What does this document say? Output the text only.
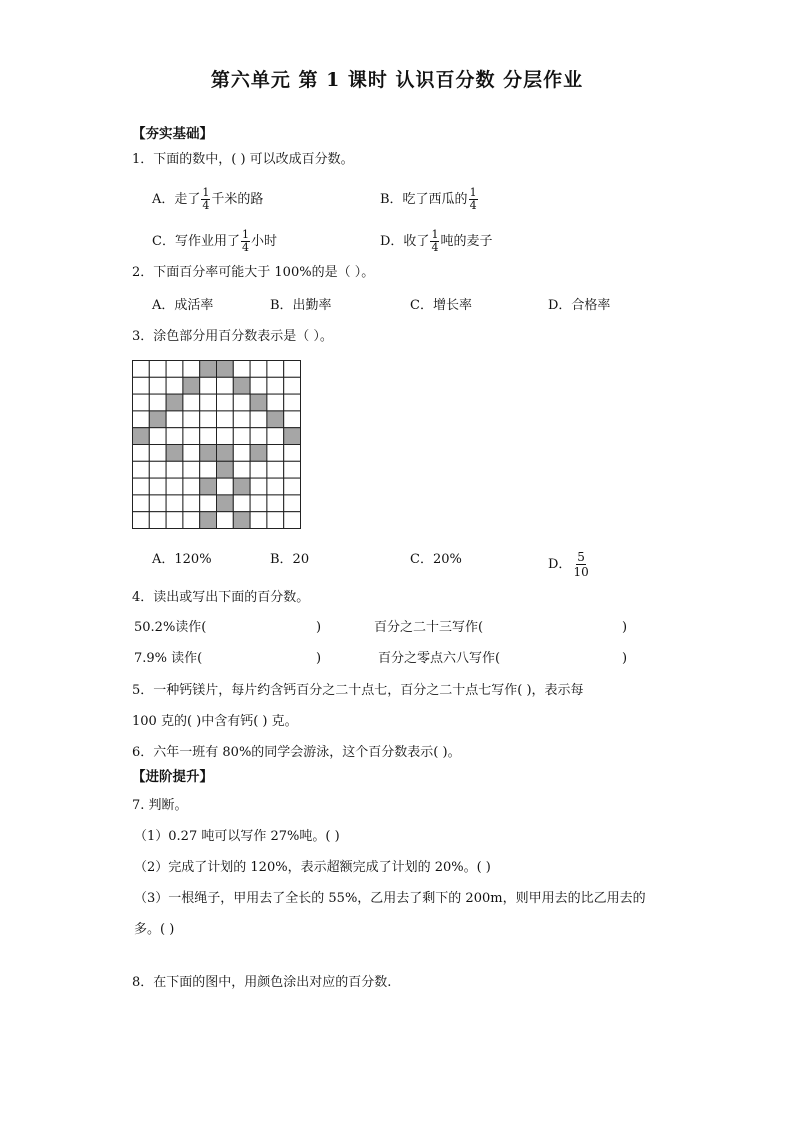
第六单元 第 1 课时 认识百分数 分层作业
【夯实基础】
1．下面的数中，( ) 可以改成百分数。
A．走了 $\frac{1}{4}$ 千米的路	B．吃了西瓜的 $\frac{1}{4}$
C．写作业用了 $\frac{1}{4}$ 小时	D．收了 $\frac{1}{4}$ 吨的麦子
2．下面百分率可能大于 100%的是（ ）。
A．成活率	B．出勤率	C．增长率	D．合格率
3．涂色部分用百分数表示是（ ）。
A．120%	B．20	C．20%	D． $\frac{5}{10}$
4．读出或写出下面的百分数。
50.2%读作(	)	百分之二十三写作(	)
7.9% 读作(	)	百分之零点六八写作(	)
5．一种钙镁片，每片约含钙百分之二十点七，百分之二十点七写作( )，表示每
100 克的( )中含有钙( ) 克。
6．六年一班有 80%的同学会游泳，这个百分数表示( )。
【进阶提升】
7. 判断。
（1）0.27 吨可以写作 27%吨。( )
（2）完成了计划的 120%，表示超额完成了计划的 20%。( )
（3）一根绳子，甲用去了全长的 55%，乙用去了剩下的 200m，则甲用去的比乙用去的
多。( )
8．在下面的图中，用颜色涂出对应的百分数.
